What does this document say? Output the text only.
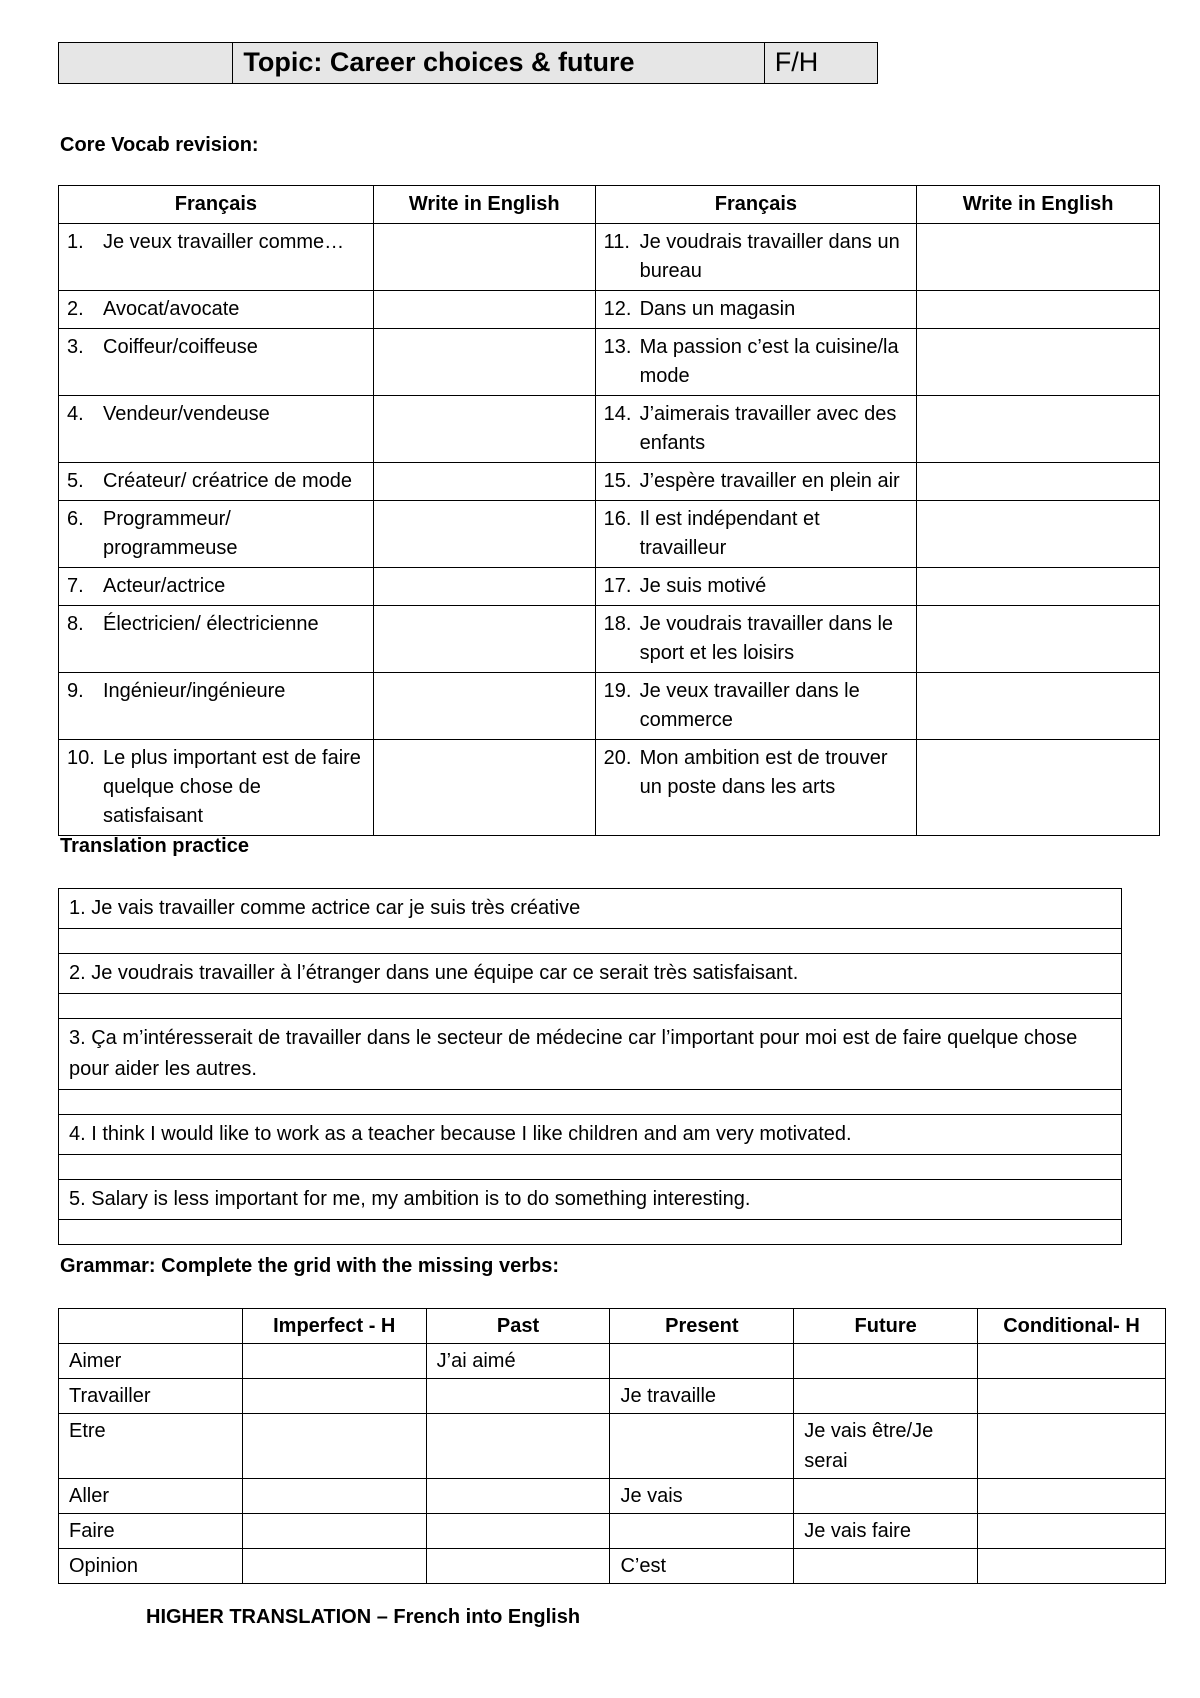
	Topic: Career choices & future	F/H
Core Vocab revision:
Français	Write in English	Français	Write in English

1. Je veux travailler comme…		11. Je voudrais travailler dans un bureau	

2. Avocat/avocate		12. Dans un magasin	

3. Coiffeur/coiffeuse		13. Ma passion c’est la cuisine/la mode	

4. Vendeur/vendeuse		14. J’aimerais travailler avec des enfants	

5. Créateur/ créatrice de mode		15. J’espère travailler en plein air	

6. Programmeur/ programmeuse		16. Il est indépendant et travailleur	

7. Acteur/actrice		17. Je suis motivé	

8. Électricien/ électricienne		18. Je voudrais travailler dans le sport et les loisirs	

9. Ingénieur/ingénieure		19. Je veux travailler dans le commerce	

10. Le plus important est de faire quelque chose de satisfaisant		20. Mon ambition est de trouver un poste dans les arts	

Translation practice
1. Je vais travailler comme actrice car je suis très créative

2. Je voudrais travailler à l’étranger dans une équipe car ce serait très satisfaisant.

3. Ça m’intéresserait de travailler dans le secteur de médecine car l’important pour moi est de faire quelque chose pour aider les autres.

4. I think I would like to work as a teacher because I like children and am very motivated.

5. Salary is less important for me, my ambition is to do something interesting.

Grammar: Complete the grid with the missing verbs:
	Imperfect - H	Past	Present	Future	Conditional- H
Aimer		J’ai aimé			
Travailler			Je travaille		
Etre				Je vais être/Je serai	
Aller			Je vais		
Faire				Je vais faire	
Opinion			C’est		
HIGHER TRANSLATION – French into English
